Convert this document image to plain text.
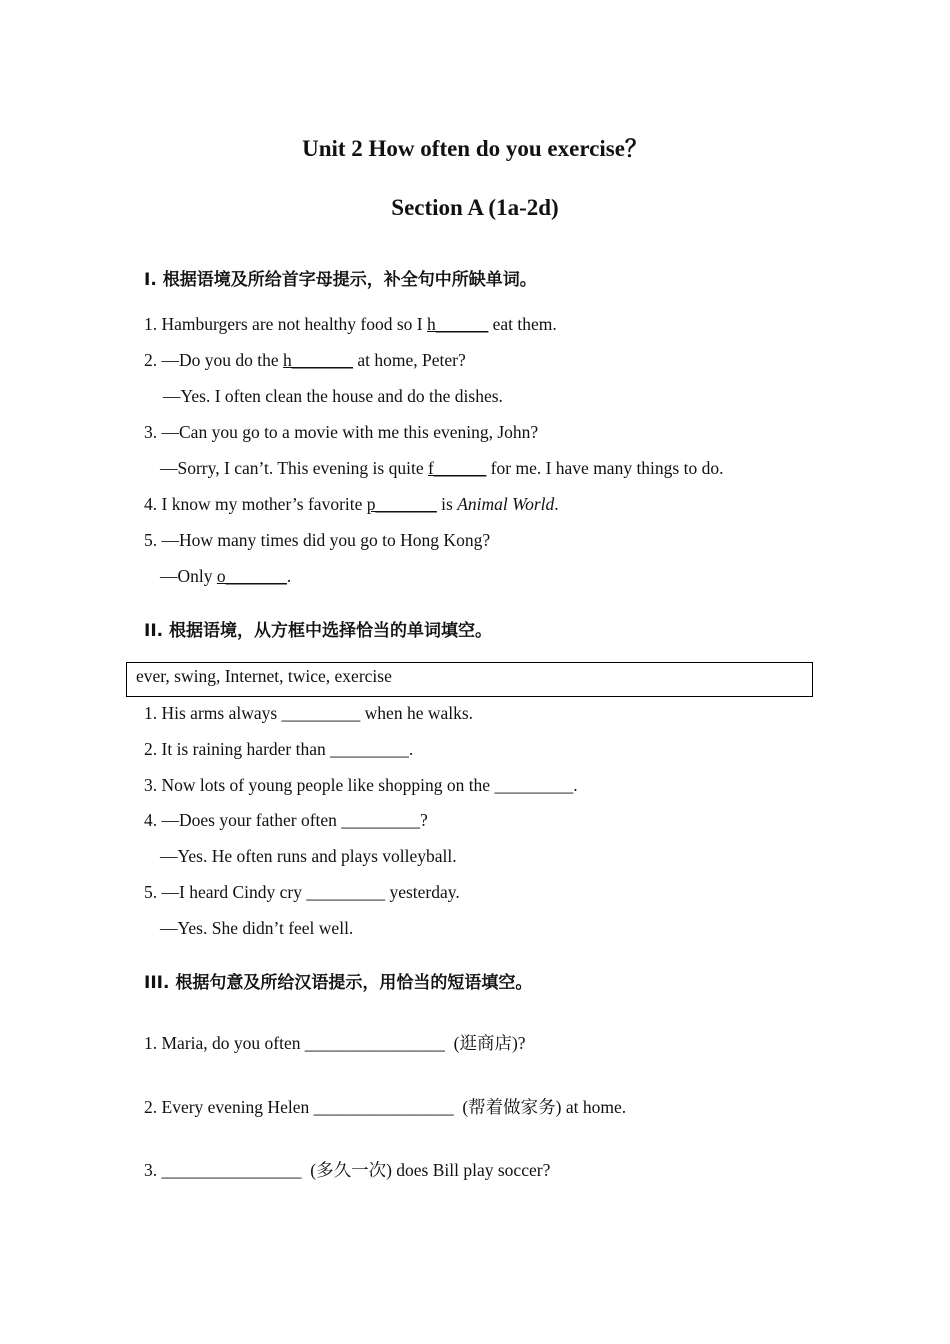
Unit 2 How often do you exercise？
Section A (1a-2d)
I. 根据语境及所给首字母提示，补全句中所缺单词。
1. Hamburgers are not healthy food so I h______ eat them.
2. —Do you do the h_______ at home, Peter?
—Yes. I often clean the house and do the dishes.
3. —Can you go to a movie with me this evening, John?
—Sorry, I can’t. This evening is quite f______ for me. I have many things to do.
4. I know my mother’s favorite p_______ is Animal World.
5. —How many times did you go to Hong Kong?
—Only o_______.
II. 根据语境，从方框中选择恰当的单词填空。
ever, swing, Internet, twice, exercise
1. His arms always _________ when he walks.
2. It is raining harder than _________.
3. Now lots of young people like shopping on the _________.
4. —Does your father often _________?
—Yes. He often runs and plays volleyball.
5. —I heard Cindy cry _________ yesterday.
—Yes. She didn’t feel well.
III. 根据句意及所给汉语提示，用恰当的短语填空。
1. Maria, do you often ________________  (逛商店)?
2. Every evening Helen ________________  (帮着做家务) at home.
3. ________________  (多久一次) does Bill play soccer?
